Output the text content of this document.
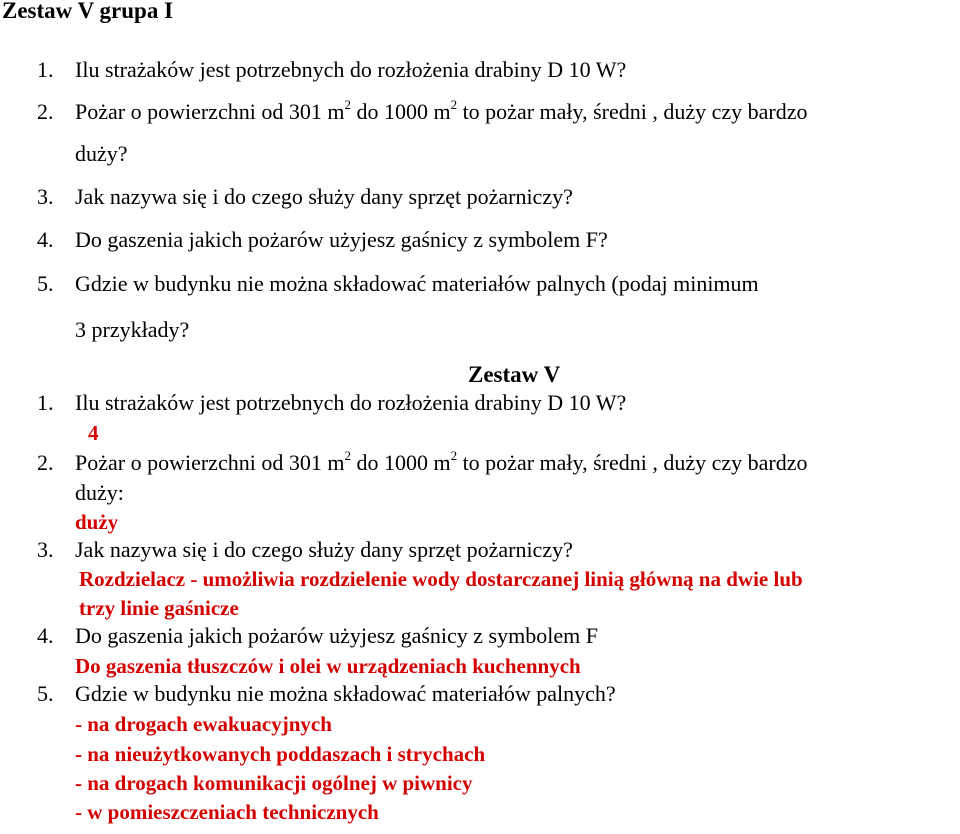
Zestaw V grupa I
1. Ilu strażaków jest potrzebnych do rozłożenia drabiny D 10 W?
2. Pożar o powierzchni od 301 $m^2$ do 1000 $m^2$ to pożar mały, średni , duży czy bardzo
duży?
3. Jak nazywa się i do czego służy dany sprzęt pożarniczy?
4. Do gaszenia jakich pożarów użyjesz gaśnicy z symbolem F?
5. Gdzie w budynku nie można składować materiałów palnych (podaj minimum
3 przykłady?
Zestaw V
1. Ilu strażaków jest potrzebnych do rozłożenia drabiny D 10 W?
4
2. Pożar o powierzchni od 301 $m^2$ do 1000 $m^2$ to pożar mały, średni , duży czy bardzo
duży:
duży
3. Jak nazywa się i do czego służy dany sprzęt pożarniczy?
Rozdzielacz - umożliwia rozdzielenie wody dostarczanej linią główną na dwie lub
trzy linie gaśnicze
4. Do gaszenia jakich pożarów użyjesz gaśnicy z symbolem F
Do gaszenia tłuszczów i olei w urządzeniach kuchennych
5. Gdzie w budynku nie można składować materiałów palnych?
- na drogach ewakuacyjnych
- na nieużytkowanych poddaszach i strychach
- na drogach komunikacji ogólnej w piwnicy
- w pomieszczeniach technicznych
